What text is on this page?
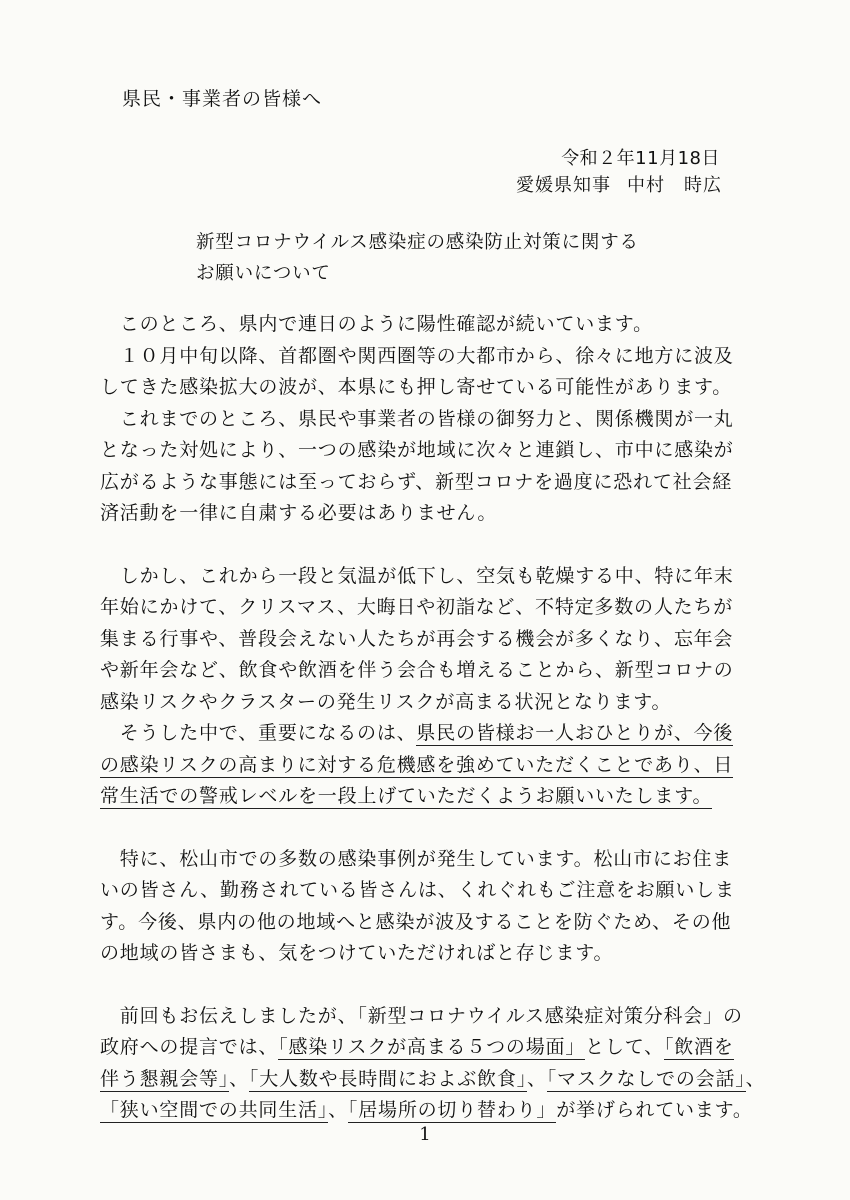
県民・事業者の皆様へ
令和２年11月18日
愛媛県知事 中村　時広
新型コロナウイルス感染症の感染防止対策に関する
お願いについて

　このところ、県内で連日のように陽性確認が続いています。

　１０月中旬以降、首都圏や関西圏等の大都市から、徐々に地方に波及
してきた感染拡大の波が、本県にも押し寄せている可能性があります。

　これまでのところ、県民や事業者の皆様の御努力と、関係機関が一丸
となった対処により、一つの感染が地域に次々と連鎖し、市中に感染が
広がるような事態には至っておらず、新型コロナを過度に恐れて社会経
済活動を一律に自粛する必要はありません。

　しかし、これから一段と気温が低下し、空気も乾燥する中、特に年末
年始にかけて、クリスマス、大晦日や初詣など、不特定多数の人たちが
集まる行事や、普段会えない人たちが再会する機会が多くなり、忘年会
や新年会など、飲食や飲酒を伴う会合も増えることから、新型コロナの
感染リスクやクラスターの発生リスクが高まる状況となります。

　そうした中で、重要になるのは、県民の皆様お一人おひとりが、今後
の感染リスクの高まりに対する危機感を強めていただくことであり、日
常生活での警戒レベルを一段上げていただくようお願いいたします。

　特に、松山市での多数の感染事例が発生しています。松山市にお住ま
いの皆さん、勤務されている皆さんは、くれぐれもご注意をお願いしま
す。今後、県内の他の地域へと感染が波及することを防ぐため、その他
の地域の皆さまも、気をつけていただければと存じます。

　前回もお伝えしましたが、「新型コロナウイルス感染症対策分科会」の
政府への提言では、「感染リスクが高まる５つの場面」として、「飲酒を
伴う懇親会等」、「大人数や長時間におよぶ飲食」、「マスクなしでの会話」、
「狭い空間での共同生活」、「居場所の切り替わり」が挙げられています。

1
